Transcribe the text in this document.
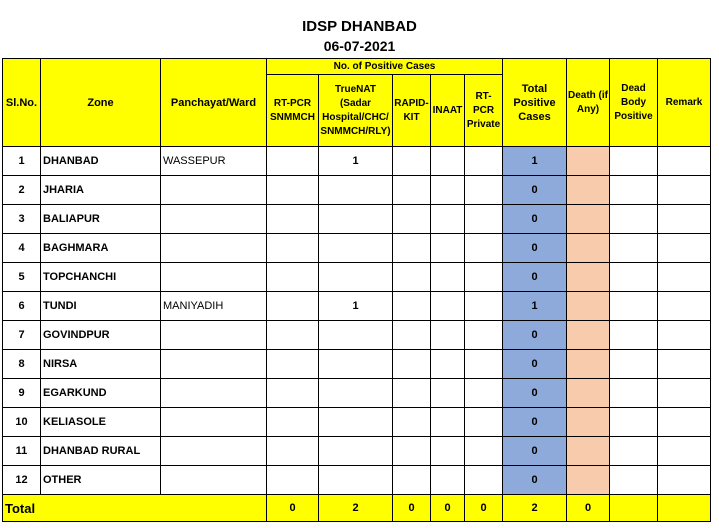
IDSP DHANBAD
06-07-2021
Sl.No.	Zone	Panchayat/Ward	No. of Positive Cases					Total Positive Cases	Death (if Any)	Dead Body Positive	Remark
			RT-PCR SNMMCH	TrueNAT (Sadar Hospital/CHC/ SNMMCH/RLY)	RAPID-KIT	INAAT	RT-PCR Private				
1	DHANBAD	WASSEPUR		1				1			
2	JHARIA							0			
3	BALIAPUR							0			
4	BAGHMARA							0			
5	TOPCHANCHI							0			
6	TUNDI	MANIYADIH		1				1			
7	GOVINDPUR							0			
8	NIRSA							0			
9	EGARKUND							0			
10	KELIASOLE							0			
11	DHANBAD RURAL							0			
12	OTHER							0			
Total			0	2	0	0	0	2	0		
